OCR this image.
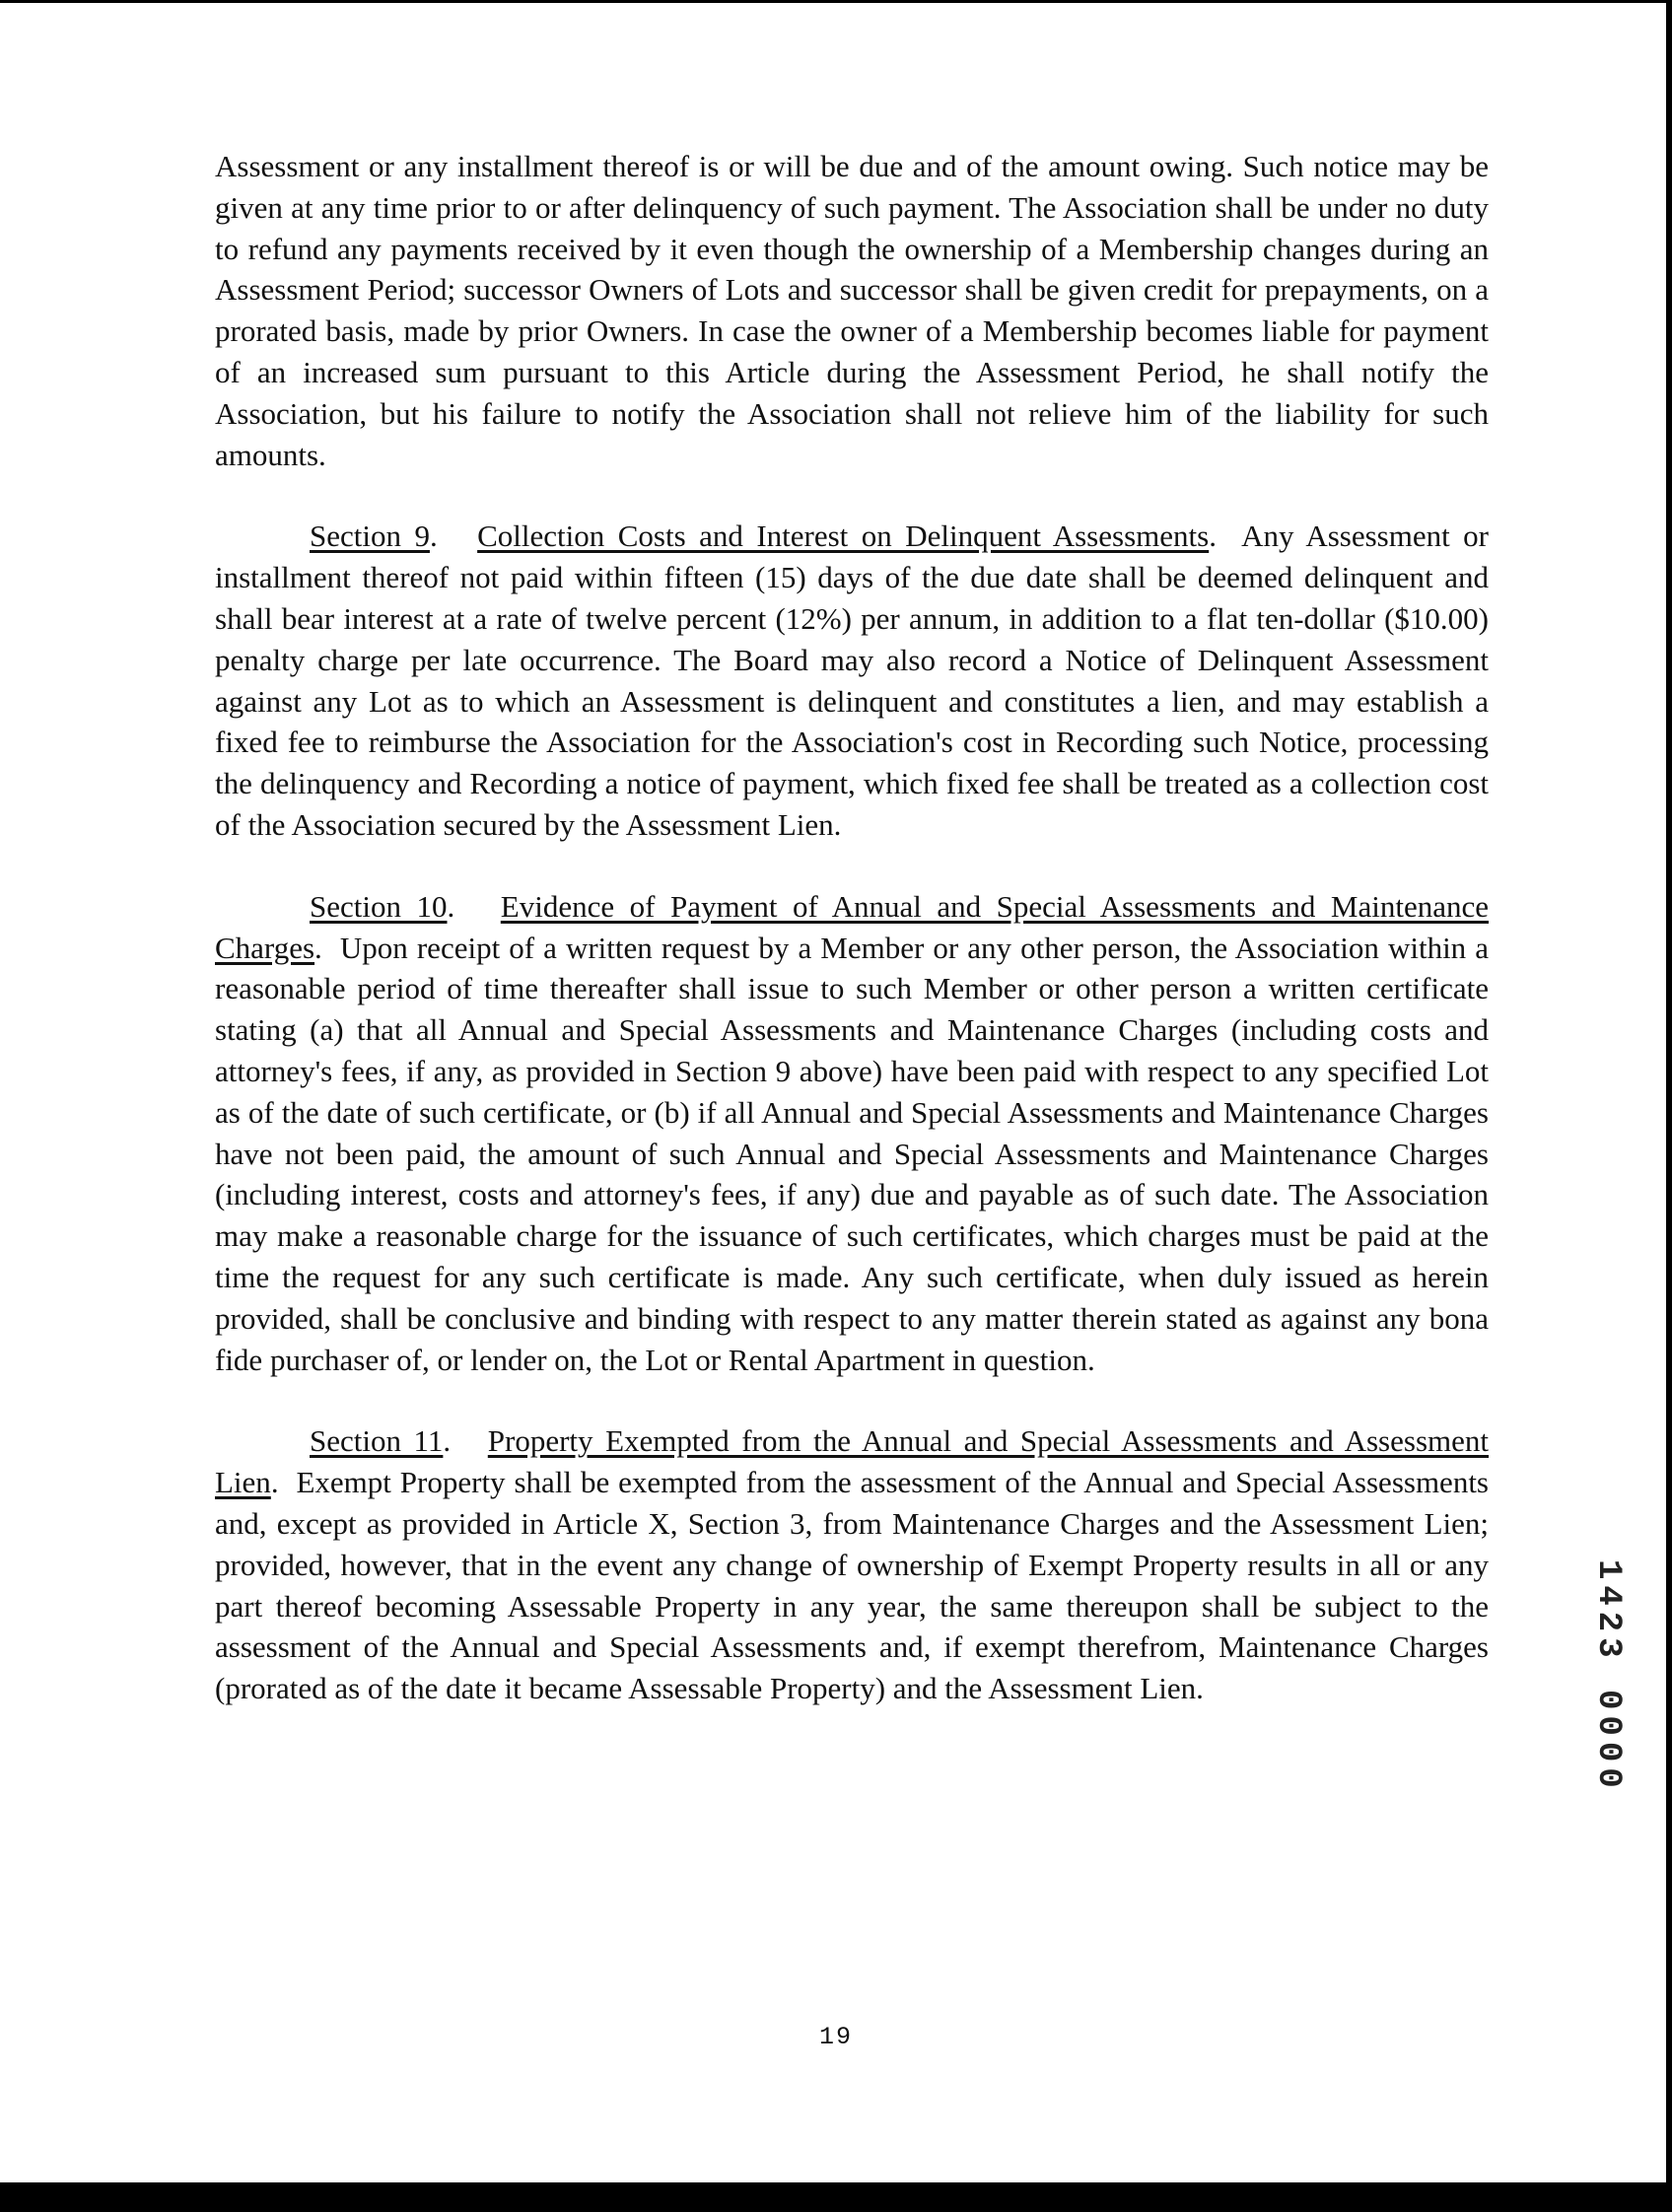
Assessment or any installment thereof is or will be due and of the amount owing. Such notice may be given at any time prior to or after delinquency of such payment. The Association shall be under no duty to refund any payments received by it even though the ownership of a Membership changes during an Assessment Period; successor Owners of Lots and successor shall be given credit for prepayments, on a prorated basis, made by prior Owners. In case the owner of a Membership becomes liable for payment of an increased sum pursuant to this Article during the Assessment Period, he shall notify the Association, but his failure to notify the Association shall not relieve him of the liability for such amounts.

Section 9.   Collection Costs and Interest on Delinquent Assessments.  Any Assessment or installment thereof not paid within fifteen (15) days of the due date shall be deemed delinquent and shall bear interest at a rate of twelve percent (12%) per annum, in addition to a flat ten-dollar ($10.00) penalty charge per late occurrence. The Board may also record a Notice of Delinquent Assessment against any Lot as to which an Assessment is delinquent and constitutes a lien, and may establish a fixed fee to reimburse the Association for the Association's cost in Recording such Notice, processing the delinquency and Recording a notice of payment, which fixed fee shall be treated as a collection cost of the Association secured by the Assessment Lien.

Section 10.   Evidence of Payment of Annual and Special Assessments and Maintenance Charges.  Upon receipt of a written request by a Member or any other person, the Association within a reasonable period of time thereafter shall issue to such Member or other person a written certificate stating (a) that all Annual and Special Assessments and Maintenance Charges (including costs and attorney's fees, if any, as provided in Section 9 above) have been paid with respect to any specified Lot as of the date of such certificate, or (b) if all Annual and Special Assessments and Maintenance Charges have not been paid, the amount of such Annual and Special Assessments and Maintenance Charges (including interest, costs and attorney's fees, if any) due and payable as of such date. The Association may make a reasonable charge for the issuance of such certificates, which charges must be paid at the time the request for any such certificate is made. Any such certificate, when duly issued as herein provided, shall be conclusive and binding with respect to any matter therein stated as against any bona fide purchaser of, or lender on, the Lot or Rental Apartment in question.

Section 11.   Property Exempted from the Annual and Special Assessments and Assessment Lien.  Exempt Property shall be exempted from the assessment of the Annual and Special Assessments and, except as provided in Article X, Section 3, from Maintenance Charges and the Assessment Lien; provided, however, that in the event any change of ownership of Exempt Property results in all or any part thereof becoming Assessable Property in any year, the same thereupon shall be subject to the assessment of the Annual and Special Assessments and, if exempt therefrom, Maintenance Charges (prorated as of the date it became Assessable Property) and the Assessment Lien.	1423 0000
19
